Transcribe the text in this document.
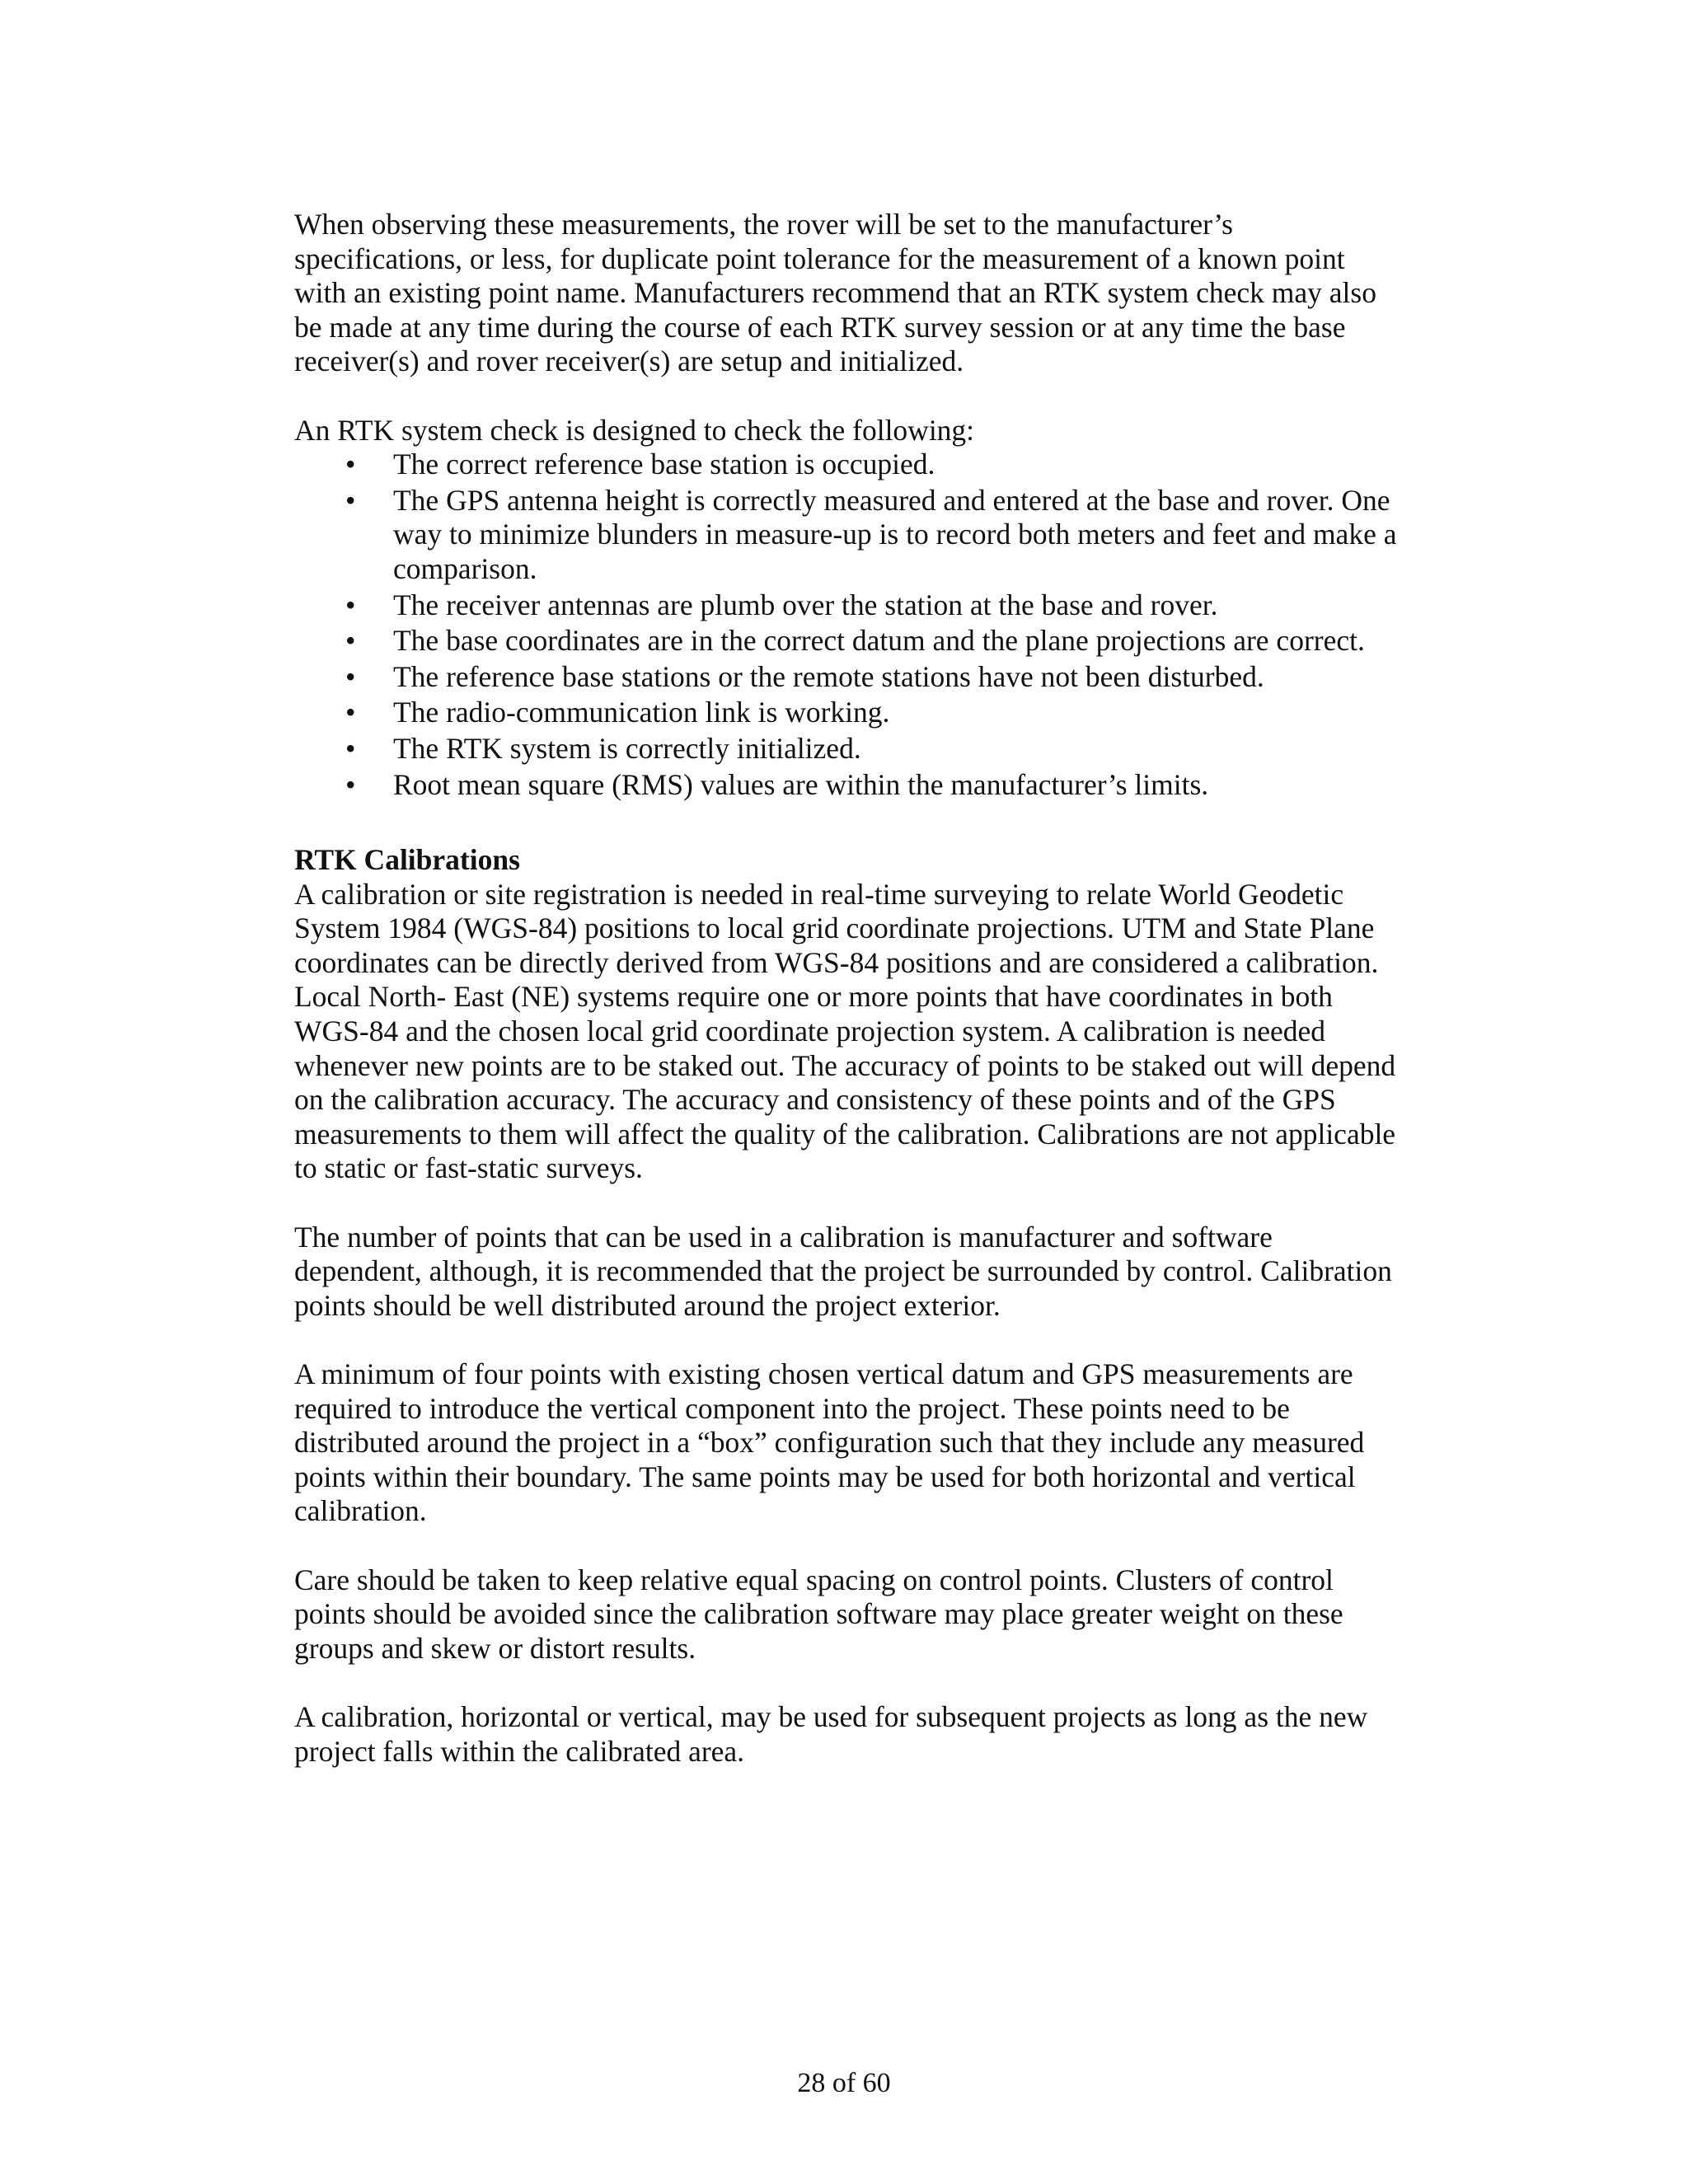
When observing these measurements, the rover will be set to the manufacturer’s specifications, or less, for duplicate point tolerance for the measurement of a known point with an existing point name. Manufacturers recommend that an RTK system check may also be made at any time during the course of each RTK survey session or at any time the base receiver(s) and rover receiver(s) are setup and initialized.

An RTK system check is designed to check the following:

• The correct reference base station is occupied.
• The GPS antenna height is correctly measured and entered at the base and rover. One way to minimize blunders in measure-up is to record both meters and feet and make a comparison.
• The receiver antennas are plumb over the station at the base and rover.
• The base coordinates are in the correct datum and the plane projections are correct.
• The reference base stations or the remote stations have not been disturbed.
• The radio-communication link is working.
• The RTK system is correctly initialized.
• Root mean square (RMS) values are within the manufacturer’s limits.

RTK Calibrations

A calibration or site registration is needed in real-time surveying to relate World Geodetic System 1984 (WGS-84) positions to local grid coordinate projections. UTM and State Plane coordinates can be directly derived from WGS-84 positions and are considered a calibration. Local North- East (NE) systems require one or more points that have coordinates in both WGS-84 and the chosen local grid coordinate projection system. A calibration is needed whenever new points are to be staked out. The accuracy of points to be staked out will depend on the calibration accuracy. The accuracy and consistency of these points and of the GPS measurements to them will affect the quality of the calibration. Calibrations are not applicable to static or fast-static surveys.

The number of points that can be used in a calibration is manufacturer and software dependent, although, it is recommended that the project be surrounded by control. Calibration points should be well distributed around the project exterior.

A minimum of four points with existing chosen vertical datum and GPS measurements are required to introduce the vertical component into the project. These points need to be distributed around the project in a “box” configuration such that they include any measured points within their boundary. The same points may be used for both horizontal and vertical calibration.

Care should be taken to keep relative equal spacing on control points. Clusters of control points should be avoided since the calibration software may place greater weight on these groups and skew or distort results.

A calibration, horizontal or vertical, may be used for subsequent projects as long as the new project falls within the calibrated area.

28 of 60
